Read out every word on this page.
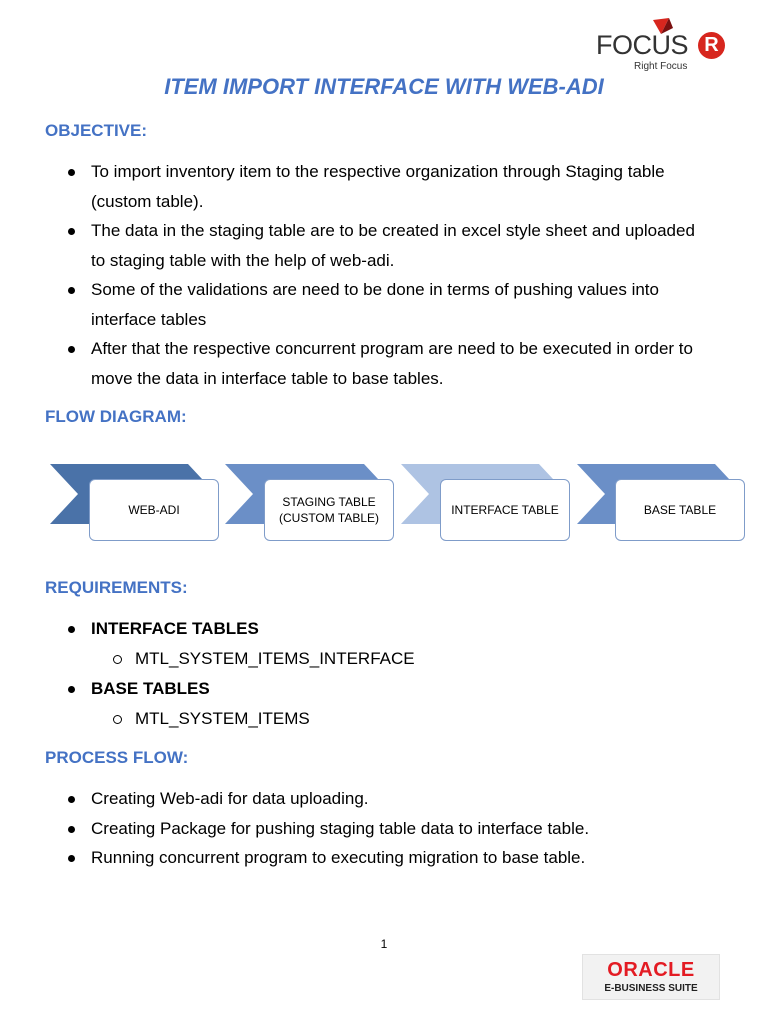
FOCUS R
Right Focus
ITEM IMPORT INTERFACE WITH WEB-ADI
OBJECTIVE:
To import inventory item to the respective organization through Staging table (custom table).
The data in the staging table are to be created in excel style sheet and uploaded to staging table with the help of web-adi.
Some of the validations are need to be done in terms of pushing values into interface tables
After that the respective concurrent program are need to be executed in order to move the data in interface table to base tables.
FLOW DIAGRAM:
WEB-ADI
STAGING TABLE (CUSTOM TABLE)
INTERFACE TABLE	BASE TABLE
REQUIREMENTS:
INTERFACE TABLES
MTL_SYSTEM_ITEMS_INTERFACE
BASE TABLES
MTL_SYSTEM_ITEMS
PROCESS FLOW:
Creating Web-adi for data uploading.
Creating Package for pushing staging table data to interface table.
Running concurrent program to executing migration to base table.
1
ORACLE
E-BUSINESS SUITE
